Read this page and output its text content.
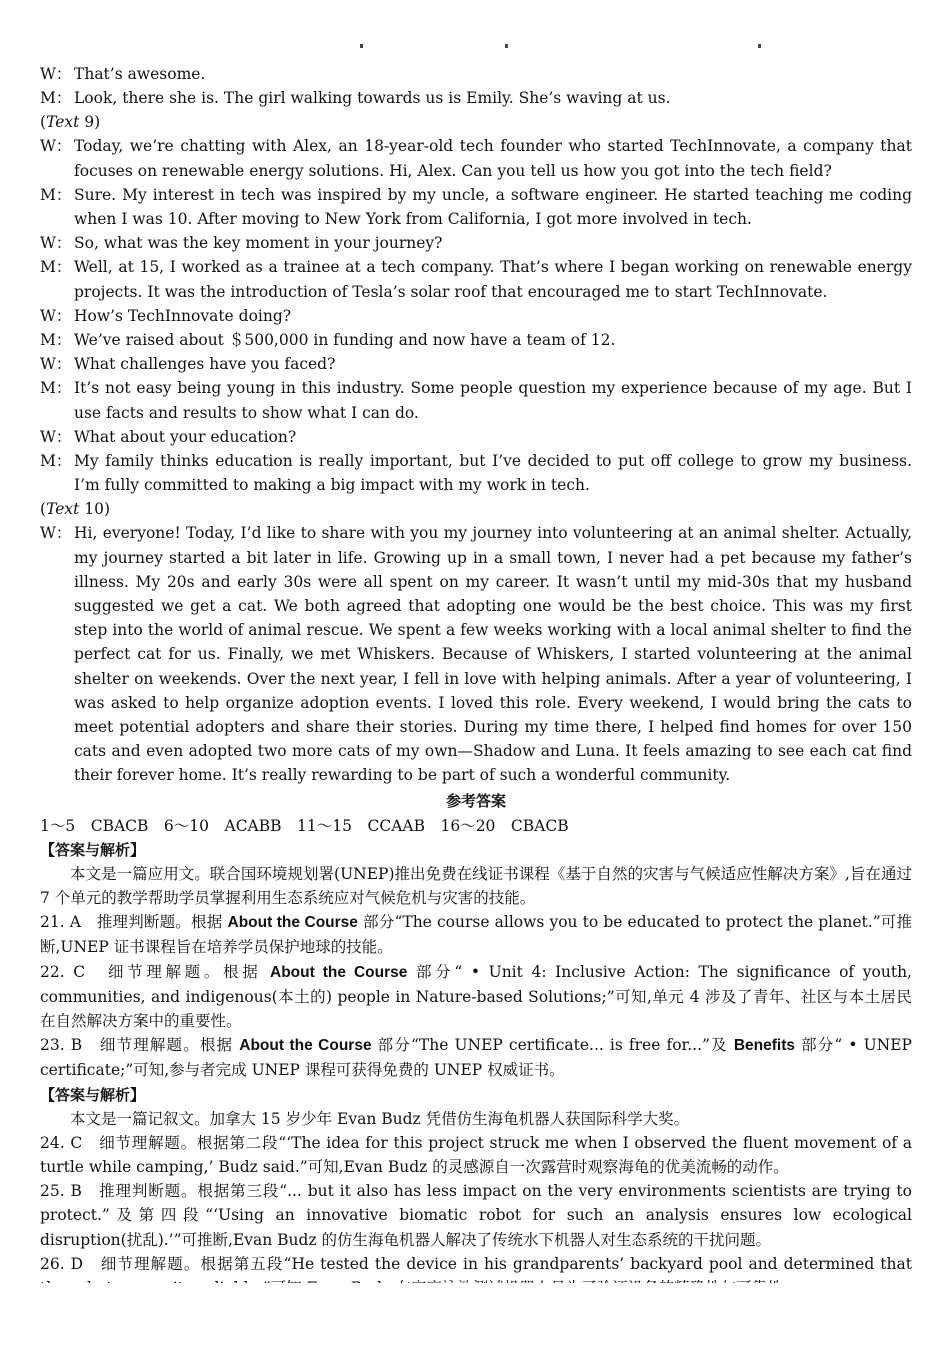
W： That’s awesome.
M： Look, there she is. The girl walking towards us is Emily. She’s waving at us.
(Text 9)
W： Today, we’re chatting with Alex, an 18-year-old tech founder who started TechInnovate, a company that focuses on renewable energy solutions. Hi, Alex. Can you tell us how you got into the tech field?
M： Sure. My interest in tech was inspired by my uncle, a software engineer. He started teaching me coding when I was 10. After moving to New York from California, I got more involved in tech.
W： So, what was the key moment in your journey?
M： Well, at 15, I worked as a trainee at a tech company. That’s where I began working on renewable energy projects. It was the introduction of Tesla’s solar roof that encouraged me to start TechInnovate.
W： How’s TechInnovate doing?
M： We’ve raised about ＄500,000 in funding and now have a team of 12.
W： What challenges have you faced?
M： It’s not easy being young in this industry. Some people question my experience because of my age. But I use facts and results to show what I can do.
W： What about your education?
M： My family thinks education is really important, but I’ve decided to put off college to grow my business. I’m fully committed to making a big impact with my work in tech.
(Text 10)
W： Hi, everyone! Today, I’d like to share with you my journey into volunteering at an animal shelter. Actually, my journey started a bit later in life. Growing up in a small town, I never had a pet because my father’s illness. My 20s and early 30s were all spent on my career. It wasn’t until my mid-30s that my husband suggested we get a cat. We both agreed that adopting one would be the best choice. This was my first step into the world of animal rescue. We spent a few weeks working with a local animal shelter to find the perfect cat for us. Finally, we met Whiskers. Because of Whiskers, I started volunteering at the animal shelter on weekends. Over the next year, I fell in love with helping animals. After a year of volunteering, I was asked to help organize adoption events. I loved this role. Every weekend, I would bring the cats to meet potential adopters and share their stories. During my time there, I helped find homes for over 150 cats and even adopted two more cats of my own—Shadow and Luna. It feels amazing to see each cat find their forever home. It’s really rewarding to be part of such a wonderful community.
参考答案
1～5　CBACB　6～10　ACABB　11～15　CCAAB　16～20　CBACB
【答案与解析】
本文是一篇应用文。联合国环境规划署(UNEP)推出免费在线证书课程《基于自然的灾害与气候适应性解决方案》,旨在通过 7 个单元的教学帮助学员掌握利用生态系统应对气候危机与灾害的技能。
21. A　推理判断题。根据 About the Course 部分“The course allows you to be educated to protect the planet.”可推断,UNEP 证书课程旨在培养学员保护地球的技能。
22. C　细节理解题。根据 About the Course 部分“ • Unit 4: Inclusive Action: The significance of youth, communities, and indigenous(本土的) people in Nature-based Solutions;”可知,单元 4 涉及了青年、社区与本土居民在自然解决方案中的重要性。
23. B　细节理解题。根据 About the Course 部分“The UNEP certificate... is free for...”及 Benefits 部分“ • UNEP certificate;”可知,参与者完成 UNEP 课程可获得免费的 UNEP 权威证书。
【答案与解析】
本文是一篇记叙文。加拿大 15 岁少年 Evan Budz 凭借仿生海龟机器人获国际科学大奖。
24. C　细节理解题。根据第二段“‘The idea for this project struck me when I observed the fluent movement of a turtle while camping,’ Budz said.”可知,Evan Budz 的灵感源自一次露营时观察海龟的优美流畅的动作。
25. B　推理判断题。根据第三段“... but it also has less impact on the very environments scientists are trying to protect.”及第四段“‘Using an innovative biomatic robot for such an analysis ensures low ecological disruption(扰乱).’”可推断,Evan Budz 的仿生海龟机器人解决了传统水下机器人对生态系统的干扰问题。
26. D　细节理解题。根据第五段“He tested the device in his grandparents’ backyard pool and determined that
